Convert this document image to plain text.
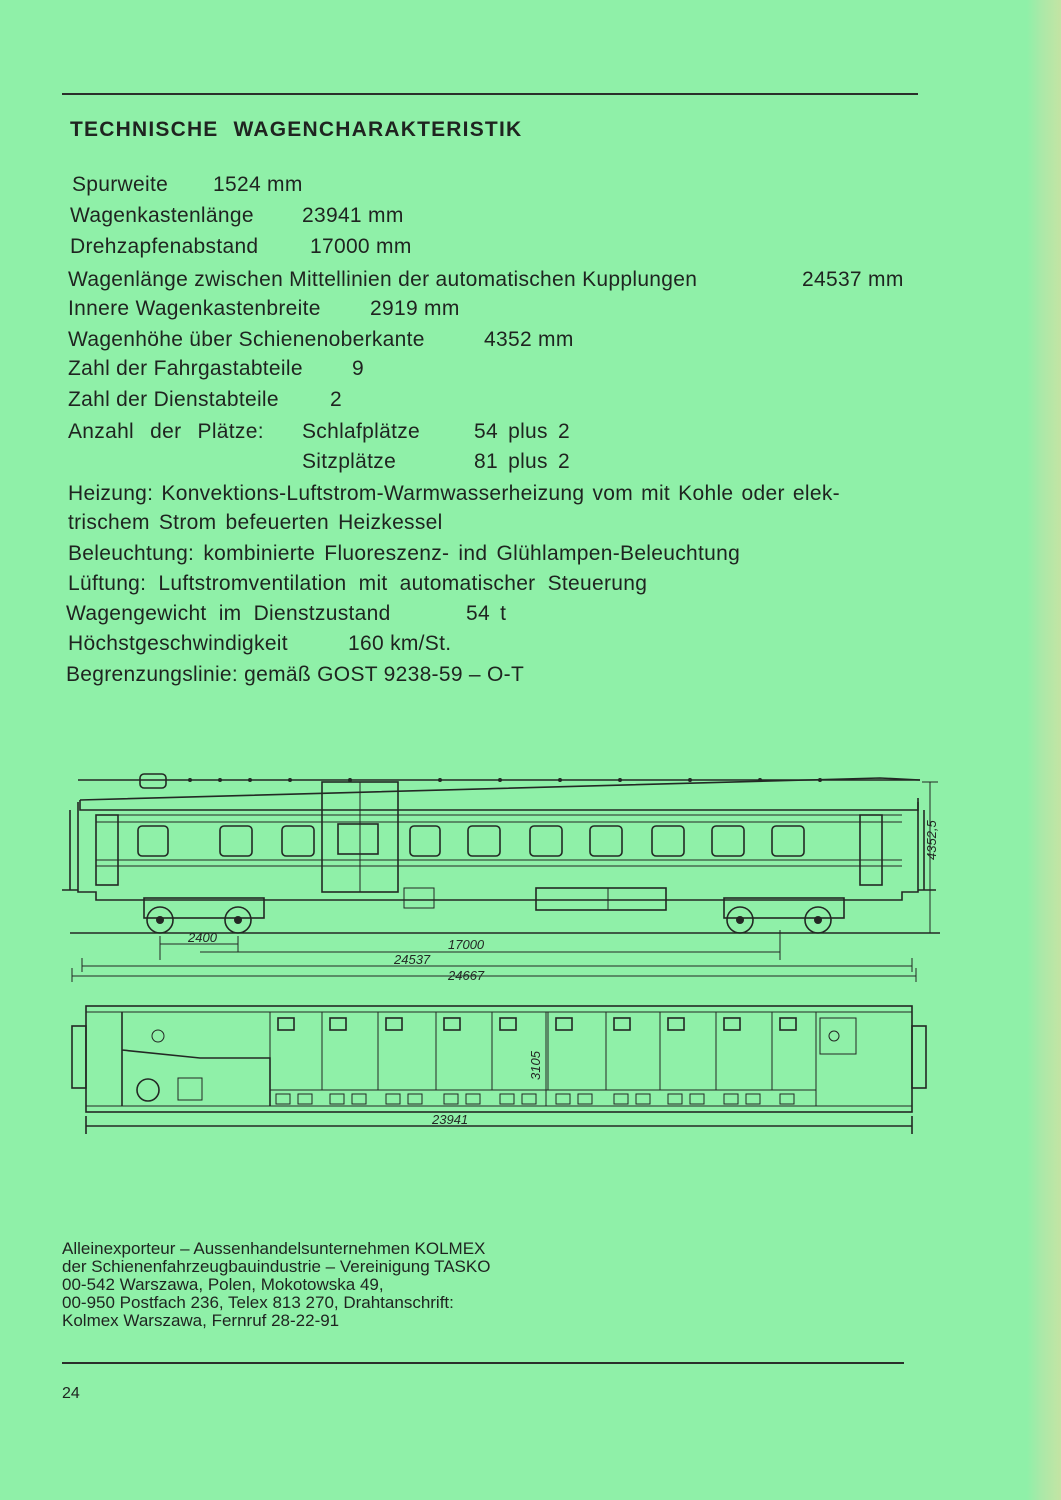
TECHNISCHE WAGENCHARAKTERISTIK
Spurweite 1524 mm
Wagenkastenlänge 23941 mm
Drehzapfenabstand 17000 mm
Wagenlänge zwischen Mittellinien der automatischen Kupplungen	24537 mm
Innere Wagenkastenbreite 2919 mm
Wagenhöhe über Schienenoberkante	4352 mm
Zahl der Fahrgastabteile 9
Zahl der Dienstabteile 2
Anzahl der Plätze: Schlafplätze	54 plus 2
Sitzplätze	81 plus 2
Heizung: Konvektions-Luftstrom-Warmwasserheizung vom mit Kohle oder elek-
trischem Strom befeuerten Heizkessel
Beleuchtung: kombinierte Fluoreszenz- ind Glühlampen-Beleuchtung
Lüftung: Luftstromventilation mit automatischer Steuerung
Wagengewicht im Dienstzustand	54 t
Höchstgeschwindigkeit	160 km/St.
Begrenzungslinie: gemäß GOST 9238-59 – O-T
4352,5
2400	17000
24537
24667
3105
23941
Alleinexporteur – Aussenhandelsunternehmen KOLMEX
der Schienenfahrzeugbauindustrie – Vereinigung TASKO
00-542 Warszawa, Polen, Mokotowska 49,
00-950 Postfach 236, Telex 813 270, Drahtanschrift:
Kolmex Warszawa, Fernruf 28-22-91
24
